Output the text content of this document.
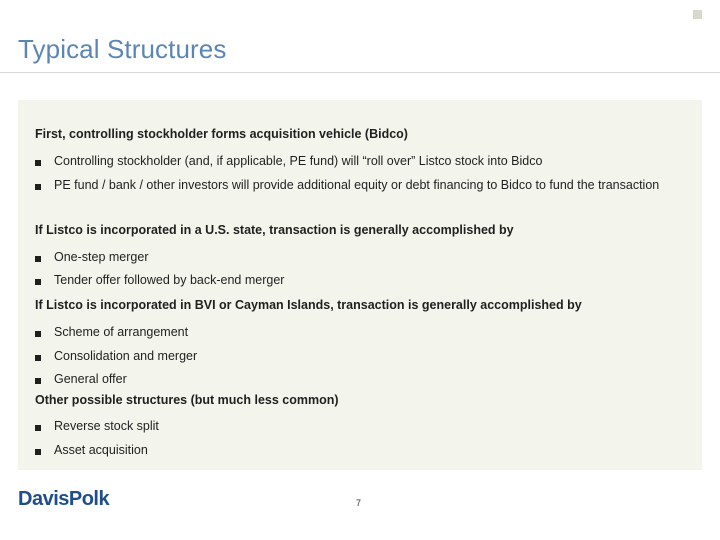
Typical Structures
First, controlling stockholder forms acquisition vehicle (Bidco)
Controlling stockholder (and, if applicable, PE fund) will “roll over” Listco stock into Bidco
PE fund / bank / other investors will provide additional equity or debt financing to Bidco to fund the transaction
If Listco is incorporated in a U.S. state, transaction is generally accomplished by
One-step merger
Tender offer followed by back-end merger
If Listco is incorporated in BVI or Cayman Islands, transaction is generally accomplished by
Scheme of arrangement
Consolidation and merger
General offer
Other possible structures (but much less common)
Reverse stock split
Asset acquisition
DavisPolk	7
